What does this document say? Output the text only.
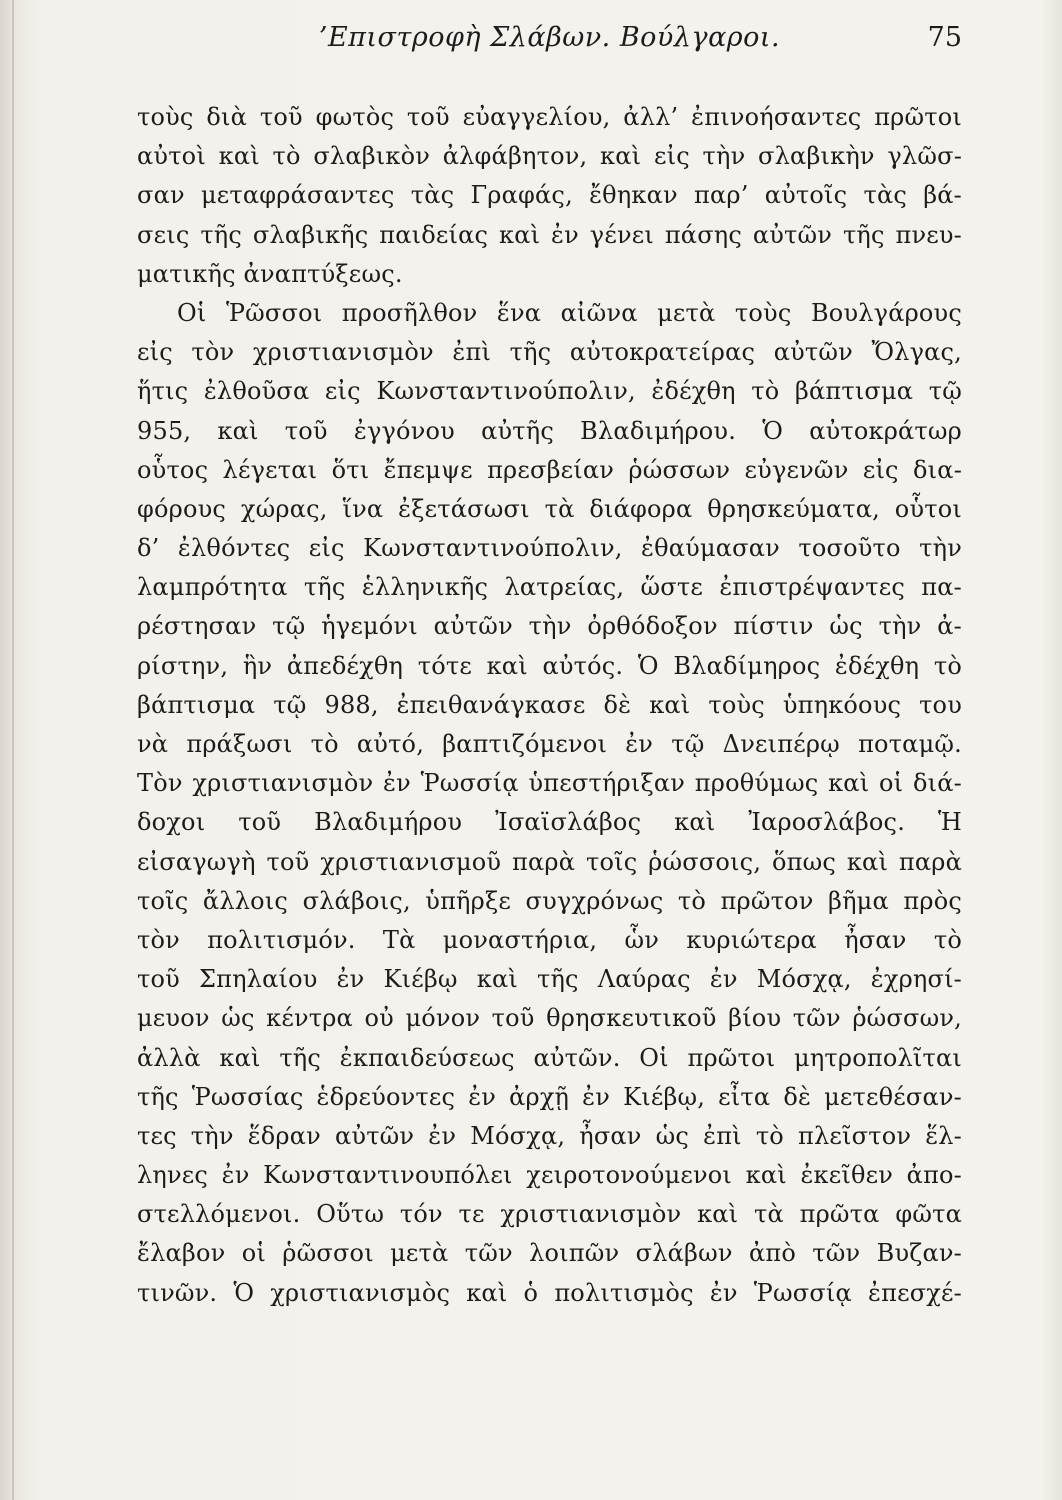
’Επιστροφὴ Σλάβων. Βούλγαροι.	75
τοὺς διὰ τοῦ φωτὸς τοῦ εὐαγγελίου, ἀλλ’ ἐπινοήσαντες πρῶτοι
αὐτοὶ καὶ τὸ σλαβικὸν ἀλφάβητον, καὶ εἰς τὴν σλαβικὴν γλῶσ-
σαν μεταφράσαντες τὰς Γραφάς, ἔθηκαν παρ’ αὐτοῖς τὰς βά-
σεις τῆς σλαβικῆς παιδείας καὶ ἐν γένει πάσης αὐτῶν τῆς πνευ-
ματικῆς ἀναπτύξεως.
Οἱ Ῥῶσσοι προσῆλθον ἕνα αἰῶνα μετὰ τοὺς Βουλγάρους
εἰς τὸν χριστιανισμὸν ἐπὶ τῆς αὐτοκρατείρας αὐτῶν Ὄλγας,
ἥτις ἐλθοῦσα εἰς Κωνσταντινούπολιν, ἐδέχθη τὸ βάπτισμα τῷ
955, καὶ τοῦ ἐγγόνου αὐτῆς Βλαδιμήρου. Ὁ αὐτοκράτωρ
οὗτος λέγεται ὅτι ἔπεμψε πρεσβείαν ῥώσσων εὐγενῶν εἰς δια-
φόρους χώρας, ἵνα ἐξετάσωσι τὰ διάφορα θρησκεύματα, οὗτοι
δ’ ἐλθόντες εἰς Κωνσταντινούπολιν, ἐθαύμασαν τοσοῦτο τὴν
λαμπρότητα τῆς ἑλληνικῆς λατρείας, ὥστε ἐπιστρέψαντες πα-
ρέστησαν τῷ ἡγεμόνι αὐτῶν τὴν ὀρθόδοξον πίστιν ὡς τὴν ἀ-
ρίστην, ἣν ἀπεδέχθη τότε καὶ αὐτός. Ὁ Βλαδίμηρος ἐδέχθη τὸ
βάπτισμα τῷ 988, ἐπειθανάγκασε δὲ καὶ τοὺς ὑπηκόους του
νὰ πράξωσι τὸ αὐτό, βαπτιζόμενοι ἐν τῷ Δνειπέρῳ ποταμῷ.
Τὸν χριστιανισμὸν ἐν Ῥωσσίᾳ ὑπεστήριξαν προθύμως καὶ οἱ διά-
δοχοι τοῦ Βλαδιμήρου Ἰσαϊσλάβος καὶ Ἰαροσλάβος. Ἡ
εἰσαγωγὴ τοῦ χριστιανισμοῦ παρὰ τοῖς ῥώσσοις, ὅπως καὶ παρὰ
τοῖς ἄλλοις σλάβοις, ὑπῆρξε συγχρόνως τὸ πρῶτον βῆμα πρὸς
τὸν πολιτισμόν. Τὰ μοναστήρια, ὧν κυριώτερα ἦσαν τὸ
τοῦ Σπηλαίου ἐν Κιέβῳ καὶ τῆς Λαύρας ἐν Μόσχᾳ, ἐχρησί-
μευον ὡς κέντρα οὐ μόνον τοῦ θρησκευτικοῦ βίου τῶν ῥώσσων,
ἀλλὰ καὶ τῆς ἐκπαιδεύσεως αὐτῶν. Οἱ πρῶτοι μητροπολῖται
τῆς Ῥωσσίας ἑδρεύοντες ἐν ἀρχῇ ἐν Κιέβῳ, εἶτα δὲ μετεθέσαν-
τες τὴν ἕδραν αὐτῶν ἐν Μόσχᾳ, ἦσαν ὡς ἐπὶ τὸ πλεῖστον ἕλ-
ληνες ἐν Κωνσταντινουπόλει χειροτονούμενοι καὶ ἐκεῖθεν ἀπο-
στελλόμενοι. Οὕτω τόν τε χριστιανισμὸν καὶ τὰ πρῶτα φῶτα
ἔλαβον οἱ ῥῶσσοι μετὰ τῶν λοιπῶν σλάβων ἀπὸ τῶν Βυζαν-
τινῶν. Ὁ χριστιανισμὸς καὶ ὁ πολιτισμὸς ἐν Ῥωσσίᾳ ἐπεσχέ-
